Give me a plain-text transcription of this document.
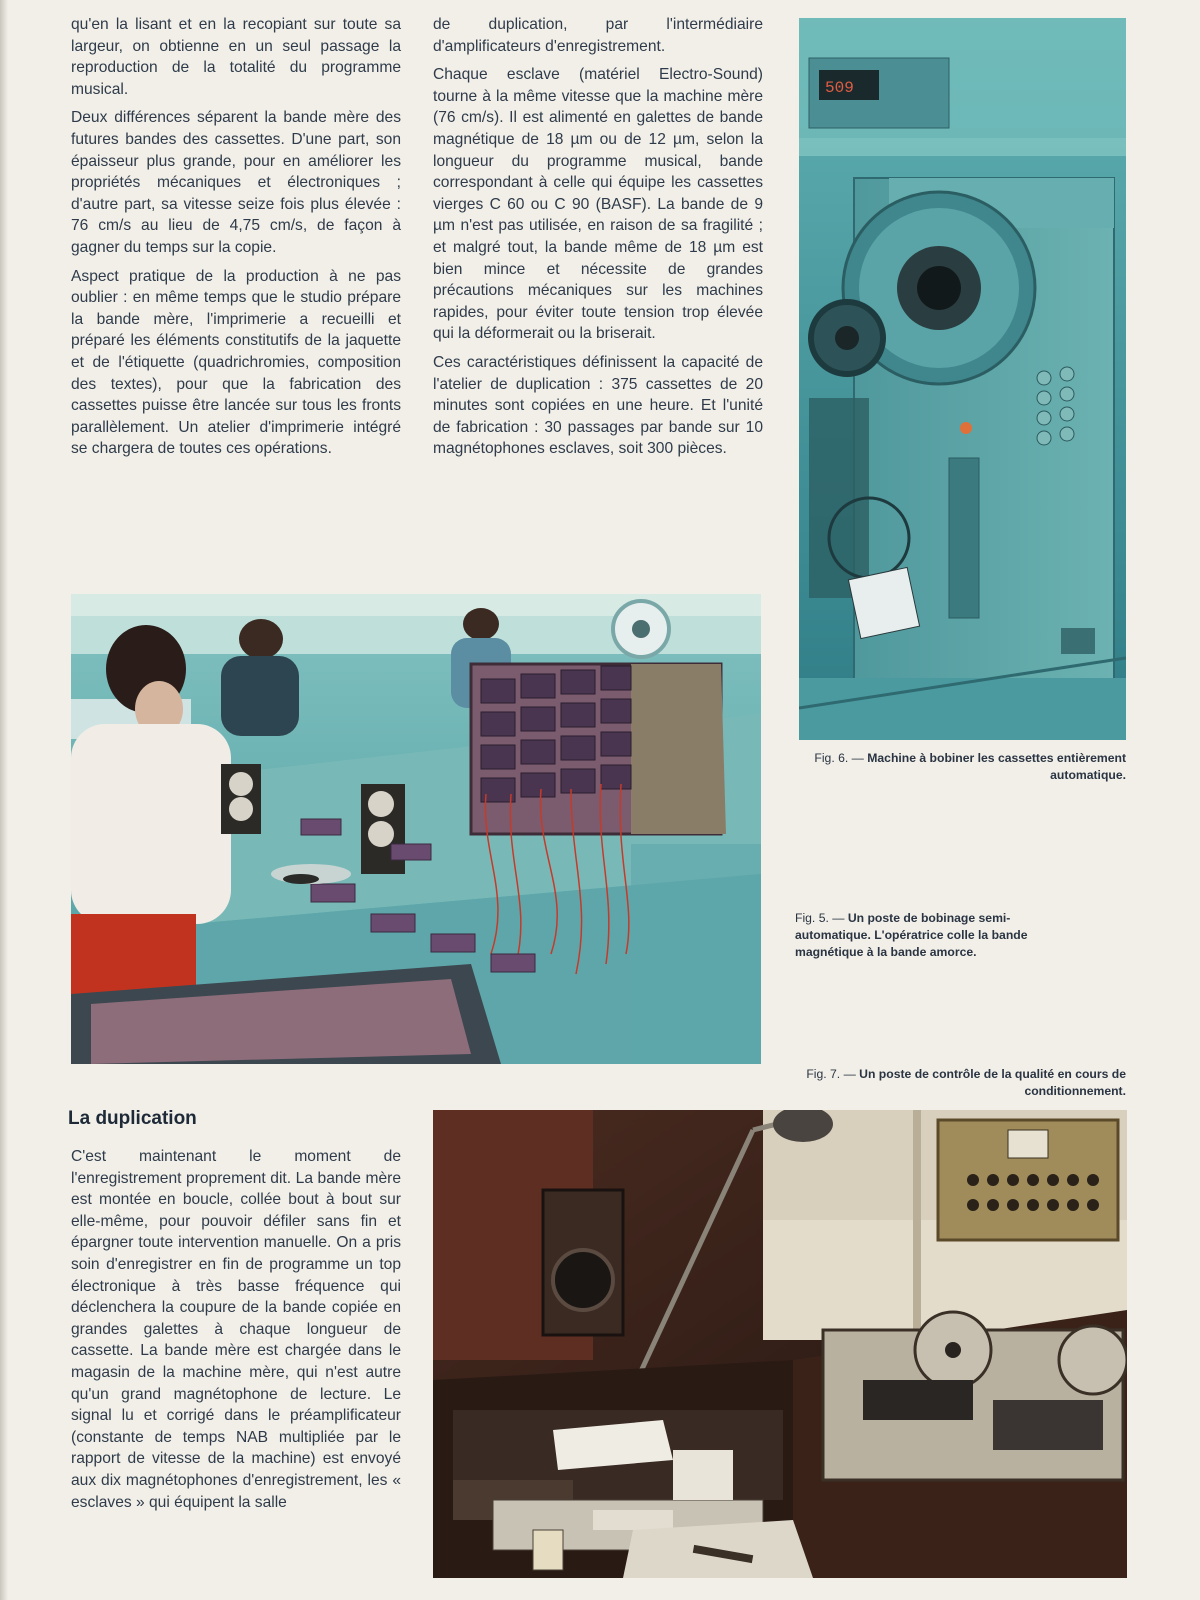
qu'en la lisant et en la recopiant sur toute sa largeur, on obtienne en un seul passage la reproduction de la totalité du programme musical.

Deux différences séparent la bande mère des futures bandes des cassettes. D'une part, son épaisseur plus grande, pour en améliorer les propriétés mécaniques et électroniques ; d'autre part, sa vitesse seize fois plus élevée : 76 cm/s au lieu de 4,75 cm/s, de façon à gagner du temps sur la copie.

Aspect pratique de la production à ne pas oublier : en même temps que le studio prépare la bande mère, l'imprimerie a recueilli et préparé les éléments constitutifs de la jaquette et de l'étiquette (quadrichromies, composition des textes), pour que la fabrication des cassettes puisse être lancée sur tous les fronts parallèlement. Un atelier d'imprimerie intégré se chargera de toutes ces opérations.

de duplication, par l'intermédiaire d'amplificateurs d'enregistrement.

Chaque esclave (matériel Electro-Sound) tourne à la même vitesse que la machine mère (76 cm/s). Il est alimenté en galettes de bande magnétique de 18 µm ou de 12 µm, selon la longueur du programme musical, bande correspondant à celle qui équipe les cassettes vierges C 60 ou C 90 (BASF). La bande de 9 µm n'est pas utilisée, en raison de sa fragilité ; et malgré tout, la bande même de 18 µm est bien mince et nécessite de grandes précautions mécaniques sur les machines rapides, pour éviter toute tension trop élevée qui la déformerait ou la briserait.

Ces caractéristiques définissent la capacité de l'atelier de duplication : 375 cassettes de 20 minutes sont copiées en une heure. Et l'unité de fabrication : 30 passages par bande sur 10 magnétophones esclaves, soit 300 pièces.

509
Fig. 6. — Machine à bobiner les cassettes entièrement automatique.
Fig. 5. — Un poste de bobinage semi-automatique. L'opératrice colle la bande magnétique à la bande amorce.
Fig. 7. — Un poste de contrôle de la qualité en cours de conditionnement.
La duplication

C'est maintenant le moment de l'enregistrement proprement dit. La bande mère est montée en boucle, collée bout à bout sur elle-même, pour pouvoir défiler sans fin et épargner toute intervention manuelle. On a pris soin d'enregistrer en fin de programme un top électronique à très basse fréquence qui déclenchera la coupure de la bande copiée en grandes galettes à chaque longueur de cassette. La bande mère est chargée dans le magasin de la machine mère, qui n'est autre qu'un grand magnétophone de lecture. Le signal lu et corrigé dans le préamplificateur (constante de temps NAB multipliée par le rapport de vitesse de la machine) est envoyé aux dix magnétophones d'enregistrement, les « esclaves » qui équipent la salle
